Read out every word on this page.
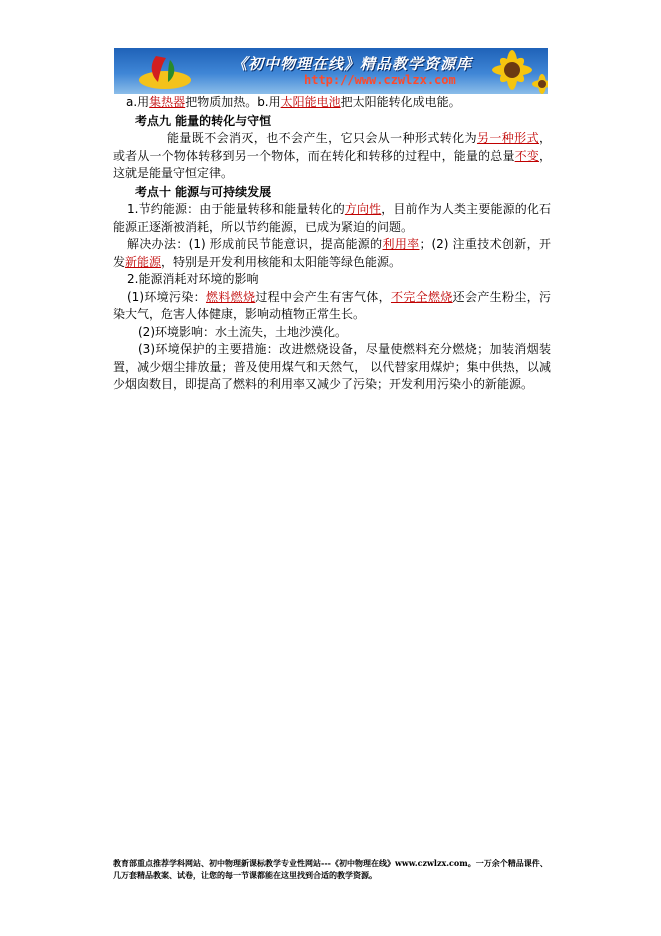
《初中物理在线》精品教学资源库
http://www.czwlzx.com

a.用集热器把物质加热。b.用太阳能电池把太阳能转化成电能。

考点九 能量的转化与守恒

能量既不会消灭，也不会产生，它只会从一种形式转化为另一种形式，或者从一个物体转移到另一个物体，而在转化和转移的过程中，能量的总量不变，这就是能量守恒定律。

考点十 能源与可持续发展

1.节约能源：由于能量转移和能量转化的方向性，目前作为人类主要能源的化石能源正逐渐被消耗，所以节约能源，已成为紧迫的问题。

解决办法：(1) 形成前民节能意识，提高能源的利用率；(2) 注重技术创新，开发新能源，特别是开发利用核能和太阳能等绿色能源。

2.能源消耗对环境的影响

(1)环境污染：燃料燃烧过程中会产生有害气体，不完全燃烧还会产生粉尘，污染大气，危害人体健康，影响动植物正常生长。

(2)环境影响：水土流失，土地沙漠化。

(3)环境保护的主要措施：改进燃烧设备，尽量使燃料充分燃烧；加装消烟装置，减少烟尘排放量；普及使用煤气和天然气， 以代替家用煤炉；集中供热，以减少烟囱数目，即提高了燃料的利用率又减少了污染；开发利用污染小的新能源。

教育部重点推荐学科网站、初中物理新课标教学专业性网站---《初中物理在线》www.czwlzx.com。一万余个精品课件、几万套精品教案、试卷，让您的每一节课都能在这里找到合适的教学资源。
